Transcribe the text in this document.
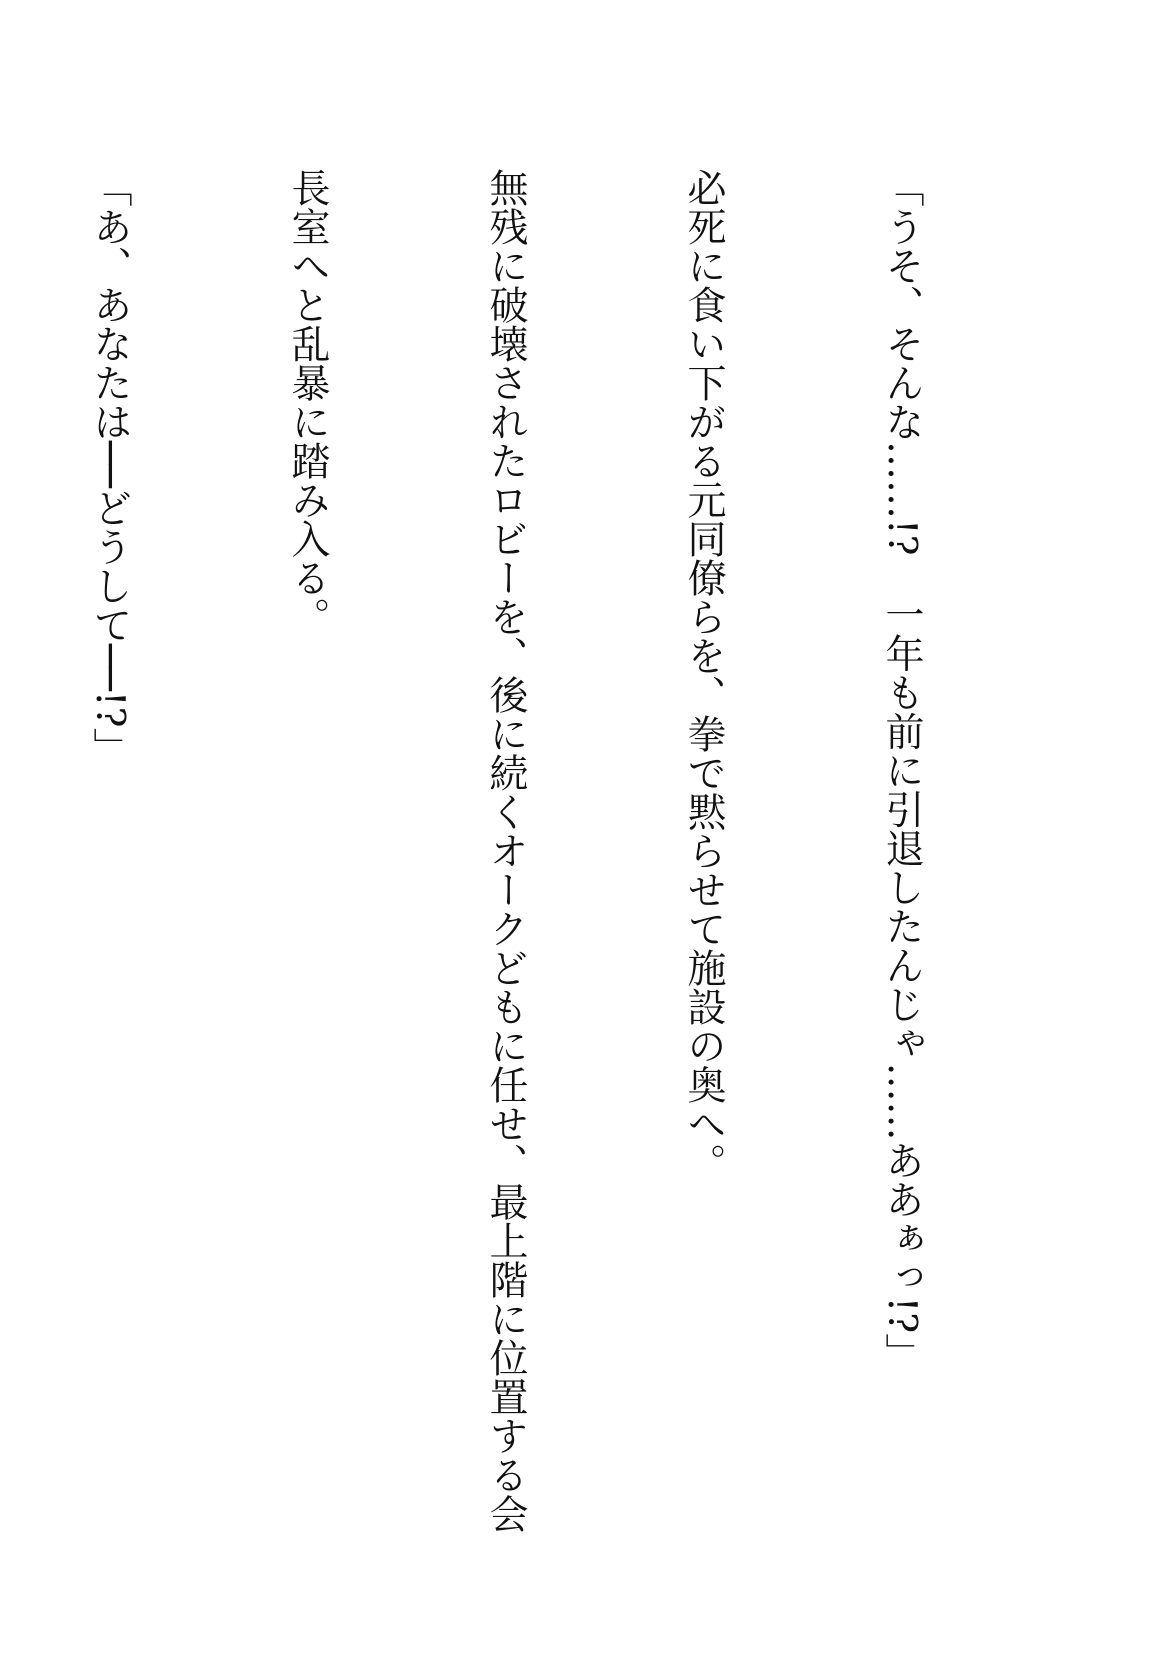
「うそ、そんな……!?　一年も前に引退したんじゃ……ああぁっ!?」

必死に食い下がる元同僚らを、拳で黙らせて施設の奥へ。

無残に破壊されたロビーを、後に続くオークどもに任せ、最上階に位置する会

長室へと乱暴に踏み入る。

「あ、あなたは──どうして──!?」
